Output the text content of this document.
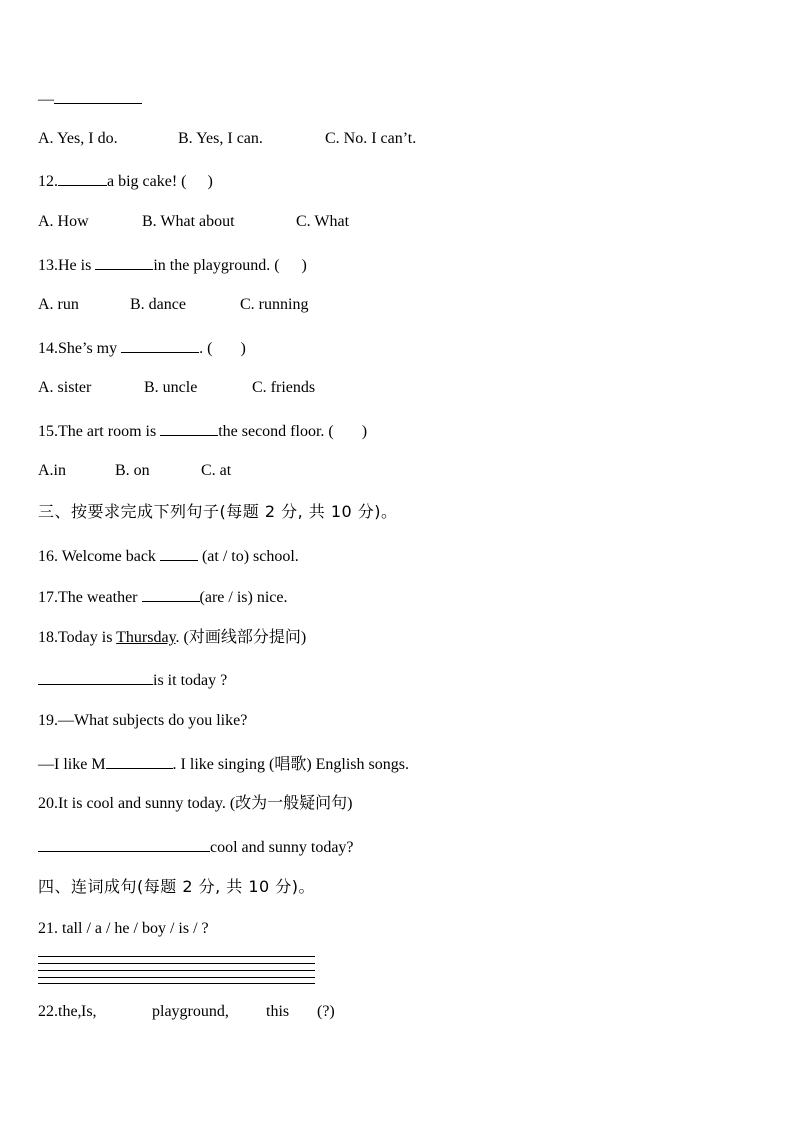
—
A. Yes, I do.	B. Yes, I can.	C. No. I can’t.
12.	a big cake! ( )
A. How	B. What about	C. What
13.He is	in the playground. ( )
A. run	B. dance	C. running
14.She’s my	. ( )
A. sister	B. uncle	C. friends
15.The art room is	the second floor. ( )
A.in	B. on	C. at
三、按要求完成下列句子(每题 2 分, 共 10 分)。
16. Welcome back  (at / to) school.
17.The weather	(are / is) nice.
18.Today is Thursday. (对画线部分提问)
is it today ?
19.—What subjects do you like?
—I like M	. I like singing (唱歌) English songs.
20.It is cool and sunny today. (改为一般疑问句)
cool and sunny today?
四、连词成句(每题 2 分, 共 10 分)。
21. tall / a / he / boy / is / ?
22.the,Is,	playground, this (?)
